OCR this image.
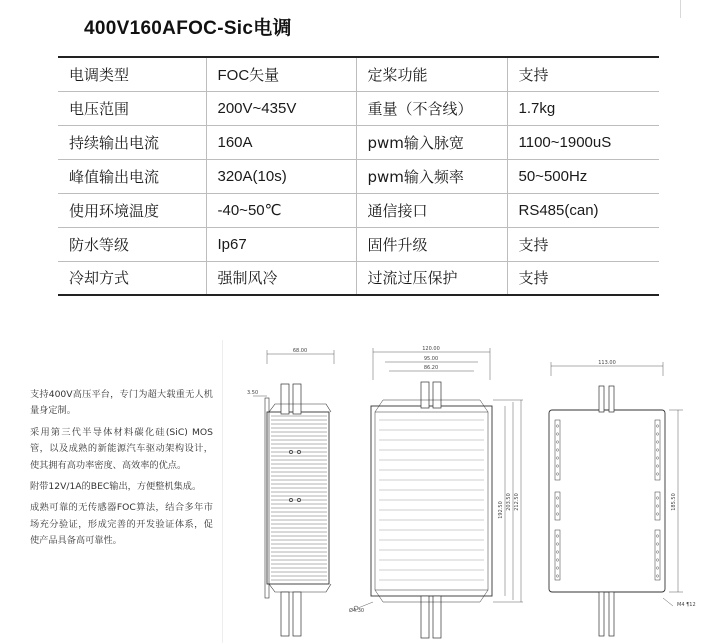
400V160AFOC-Sic电调
电调类型	FOC矢量	定桨功能	支持
电压范围	200V~435V	重量（不含线）	1.7kg
持续输出电流	160A	pwm输入脉宽	1100~1900uS
峰值输出电流	320A(10s)	pwm输入频率	50~500Hz
使用环境温度	-40~50℃	通信接口	RS485(can)
防水等级	Ip67	固件升级	支持
冷却方式	强制风冷	过流过压保护	支持

支持400V高压平台，专门为超大载重无人机量身定制。

采用第三代半导体材料碳化硅(SiC) MOS管，以及成熟的新能源汽车驱动架构设计，使其拥有高功率密度、高效率的优点。

附带12V/1A的BEC输出，方便整机集成。

成熟可靠的无传感器FOC算法，结合多年市场充分验证，形成完善的开发验证体系，促使产品具备高可靠性。

68.00
3.50
120.00
95.00
86.20
192.50 203.50 212.50
Ø4.30
113.00
185.50
M4 ¶12
